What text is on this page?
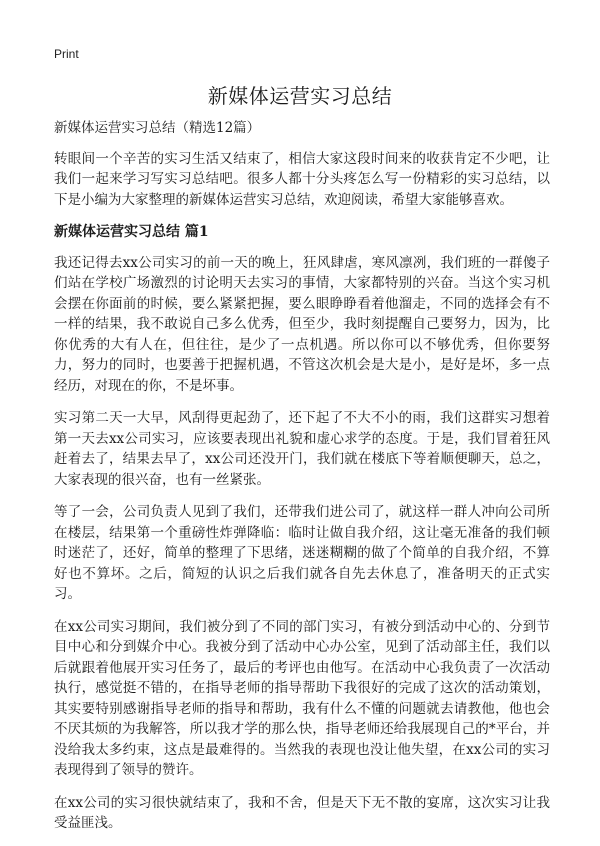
Print
新媒体运营实习总结

新媒体运营实习总结（精选12篇）

转眼间一个辛苦的实习生活又结束了，相信大家这段时间来的收获肯定不少吧，让我们一起来学习写实习总结吧。很多人都十分头疼怎么写一份精彩的实习总结，以下是小编为大家整理的新媒体运营实习总结，欢迎阅读，希望大家能够喜欢。

新媒体运营实习总结 篇1

我还记得去xx公司实习的前一天的晚上，狂风肆虐，寒风凛冽，我们班的一群傻子们站在学校广场激烈的讨论明天去实习的事情，大家都特别的兴奋。当这个实习机会摆在你面前的时候，要么紧紧把握，要么眼睁睁看着他溜走，不同的选择会有不一样的结果，我不敢说自己多么优秀，但至少，我时刻提醒自己要努力，因为，比你优秀的大有人在，但往往，是少了一点机遇。所以你可以不够优秀，但你要努力，努力的同时，也要善于把握机遇，不管这次机会是大是小，是好是坏，多一点经历，对现在的你，不是坏事。

实习第二天一大早，风刮得更起劲了，还下起了不大不小的雨，我们这群实习想着第一天去xx公司实习，应该要表现出礼貌和虚心求学的态度。于是，我们冒着狂风赶着去了，结果去早了，xx公司还没开门，我们就在楼底下等着顺便聊天，总之，大家表现的很兴奋，也有一丝紧张。

等了一会，公司负责人见到了我们，还带我们进公司了，就这样一群人冲向公司所在楼层，结果第一个重磅性炸弹降临：临时让做自我介绍，这让毫无准备的我们顿时迷茫了，还好，简单的整理了下思绪，迷迷糊糊的做了个简单的自我介绍，不算好也不算坏。之后，简短的认识之后我们就各自先去休息了，准备明天的正式实习。

在xx公司实习期间，我们被分到了不同的部门实习，有被分到活动中心的、分到节目中心和分到媒介中心。我被分到了活动中心办公室，见到了活动部主任，我们以后就跟着他展开实习任务了，最后的考评也由他写。在活动中心我负责了一次活动执行，感觉挺不错的，在指导老师的指导帮助下我很好的完成了这次的活动策划，其实要特别感谢指导老师的指导和帮助，我有什么不懂的问题就去请教他，他也会不厌其烦的为我解答，所以我才学的那么快，指导老师还给我展现自己的*平台，并没给我太多约束，这点是最难得的。当然我的表现也没让他失望，在xx公司的实习表现得到了领导的赞许。

在xx公司的实习很快就结束了，我和不舍，但是天下无不散的宴席，这次实习让我受益匪浅。
